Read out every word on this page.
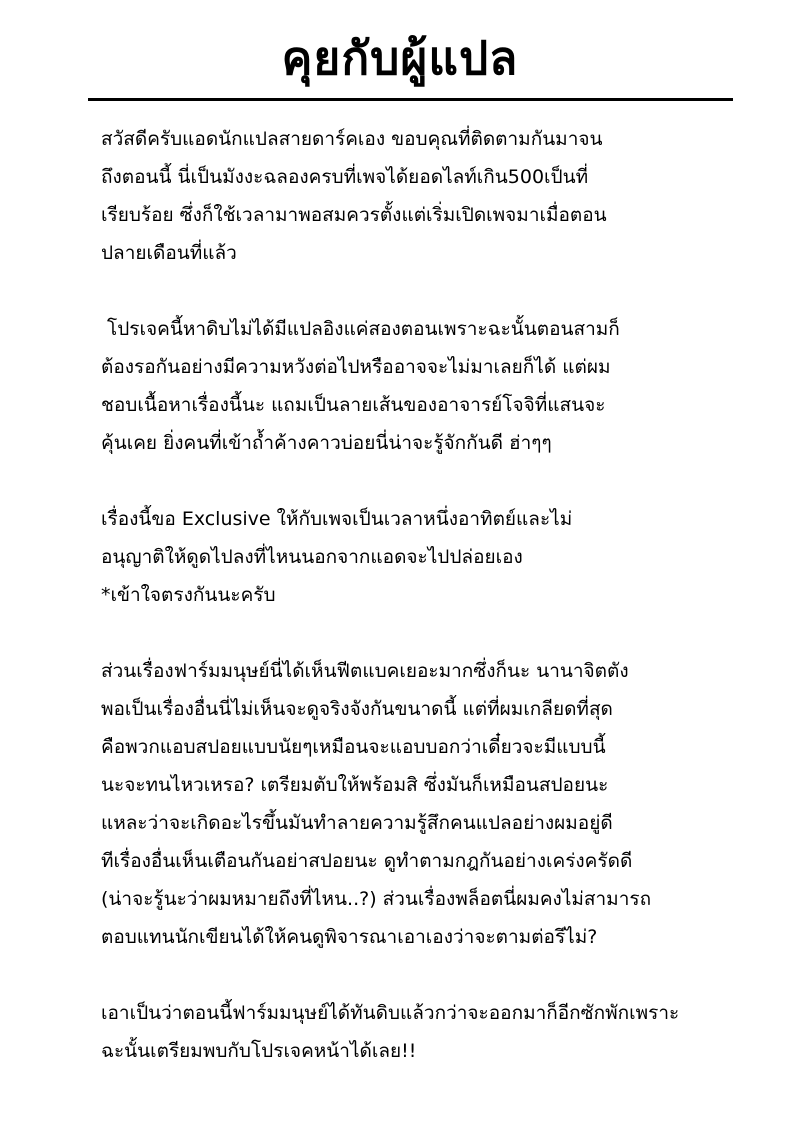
คุยกับผู้แปล
สวัสดีครับแอดนักแปลสายดาร์คเอง ขอบคุณที่ติดตามกันมาจน
ถึงตอนนี้ นี่เป็นมังงะฉลองครบที่เพจได้ยอดไลท์เกิน500เป็นที่
เรียบร้อย ซึ่งก็ใช้เวลามาพอสมควรตั้งแต่เริ่มเปิดเพจมาเมื่อตอน
ปลายเดือนที่แล้ว
โปรเจคนี้หาดิบไม่ได้มีแปลอิงแค่สองตอนเพราะฉะนั้นตอนสามก็
ต้องรอกันอย่างมีความหวังต่อไปหรืออาจจะไม่มาเลยก็ได้ แต่ผม
ชอบเนื้อหาเรื่องนี้นะ แถมเป็นลายเส้นของอาจารย์โจจิที่แสนจะ
คุ้นเคย ยิ่งคนที่เข้าถ้ำค้างคาวบ่อยนี่น่าจะรู้จักกันดี ฮ่าๆๆ
เรื่องนี้ขอ Exclusive ให้กับเพจเป็นเวลาหนึ่งอาทิตย์และไม่
อนุญาติให้ดูดไปลงที่ไหนนอกจากแอดจะไปปล่อยเอง
*เข้าใจตรงกันนะครับ
ส่วนเรื่องฟาร์มมนุษย์นี่ได้เห็นฟีตแบคเยอะมากซึ่งก็นะ นานาจิตตัง
พอเป็นเรื่องอื่นนี่ไม่เห็นจะดูจริงจังกันขนาดนี้ แต่ที่ผมเกลียดที่สุด
คือพวกแอบสปอยแบบนัยๆเหมือนจะแอบบอกว่าเดี๋ยวจะมีแบบนี้
นะจะทนไหวเหรอ? เตรียมตับให้พร้อมสิ ซึ่งมันก็เหมือนสปอยนะ
แหละว่าจะเกิดอะไรขึ้นมันทำลายความรู้สึกคนแปลอย่างผมอยู่ดี
ทีเรื่องอื่นเห็นเตือนกันอย่าสปอยนะ ดูทำตามกฎกันอย่างเคร่งครัดดี
(น่าจะรู้นะว่าผมหมายถึงที่ไหน..?) ส่วนเรื่องพล็อตนี่ผมคงไม่สามารถ
ตอบแทนนักเขียนได้ให้คนดูพิจารณาเอาเองว่าจะตามต่อรึไม่?
เอาเป็นว่าตอนนี้ฟาร์มมนุษย์ได้ทันดิบแล้วกว่าจะออกมาก็อีกซักพักเพราะ
ฉะนั้นเตรียมพบกับโปรเจคหน้าได้เลย!!
